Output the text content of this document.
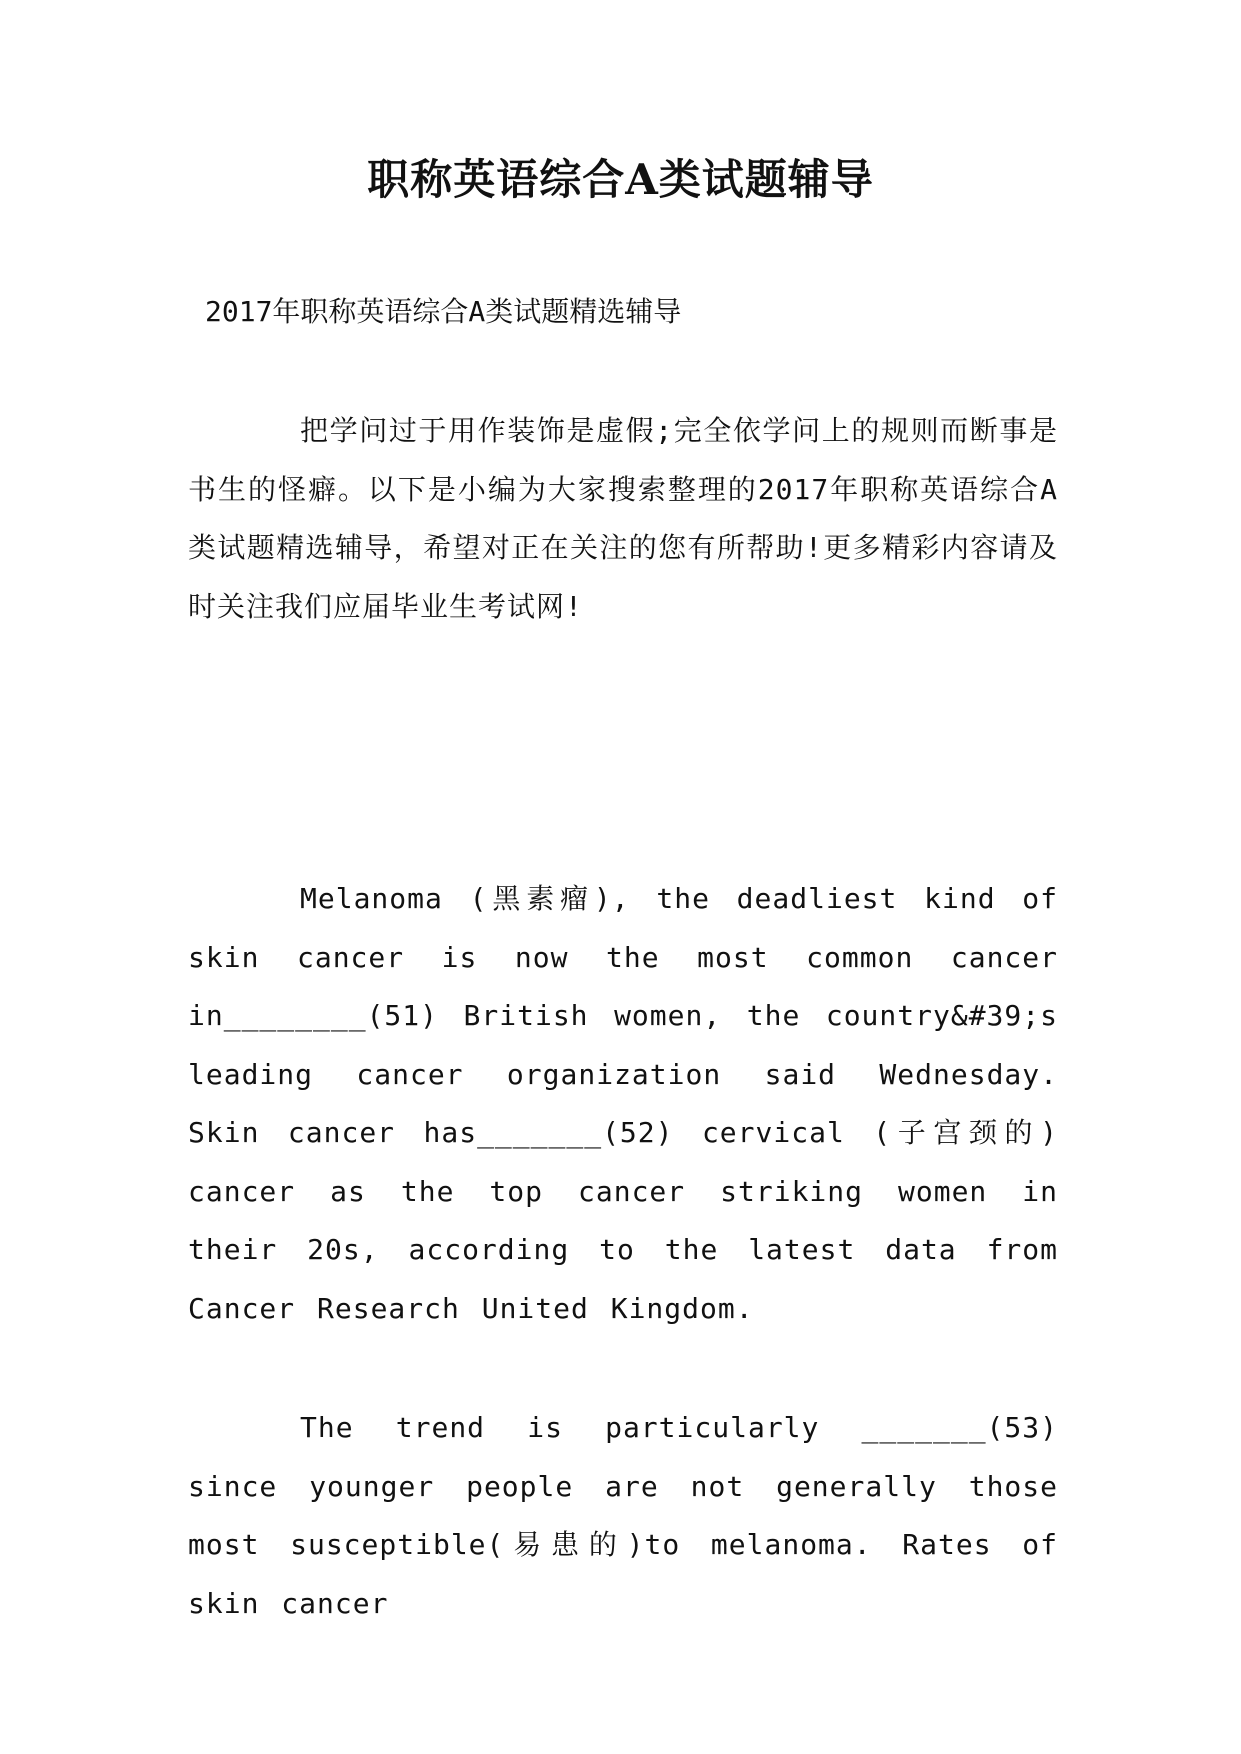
职称英语综合A类试题辅导

2017年职称英语综合A类试题精选辅导

把学问过于用作装饰是虚假;完全依学问上的规则而断事是书生的怪癖。以下是小编为大家搜索整理的2017年职称英语综合A类试题精选辅导，希望对正在关注的您有所帮助!更多精彩内容请及时关注我们应届毕业生考试网!

Melanoma (黑素瘤), the deadliest kind of skin cancer is now the most common cancer in________(51) British women, the country&#39;s leading cancer organization said Wednesday. Skin cancer has_______(52) cervical (子宫颈的) cancer as the top cancer striking women in their 20s, according to the latest data from Cancer Research United Kingdom.

The trend is particularly _______(53) since younger people are not generally those most susceptible(易患的)to melanoma. Rates of skin cancer
